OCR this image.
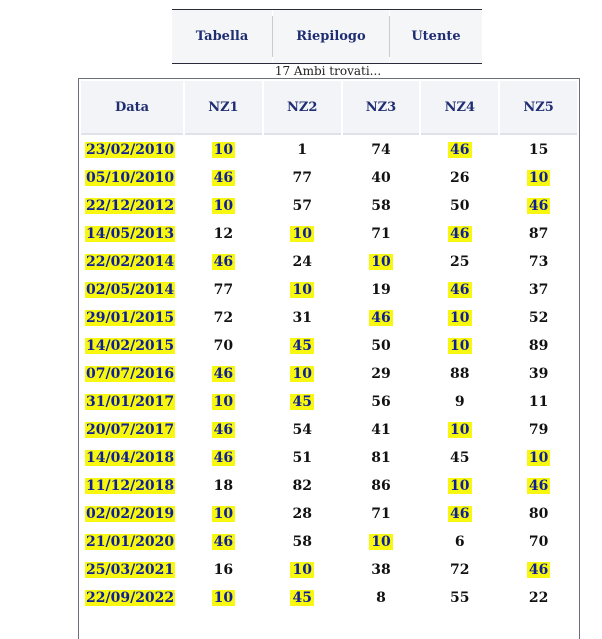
Tabella	Riepilogo	Utente
17 Ambi trovati...
Data	NZ1	NZ2	NZ3	NZ4	NZ5
23/02/2010	10	1	74	46	15
05/10/2010	46	77	40	26	10
22/12/2012	10	57	58	50	46
14/05/2013	12	10	71	46	87
22/02/2014	46	24	10	25	73
02/05/2014	77	10	19	46	37
29/01/2015	72	31	46	10	52
14/02/2015	70	45	50	10	89
07/07/2016	46	10	29	88	39
31/01/2017	10	45	56	9	11
20/07/2017	46	54	41	10	79
14/04/2018	46	51	81	45	10
11/12/2018	18	82	86	10	46
02/02/2019	10	28	71	46	80
21/01/2020	46	58	10	6	70
25/03/2021	16	10	38	72	46
22/09/2022	10	45	8	55	22
